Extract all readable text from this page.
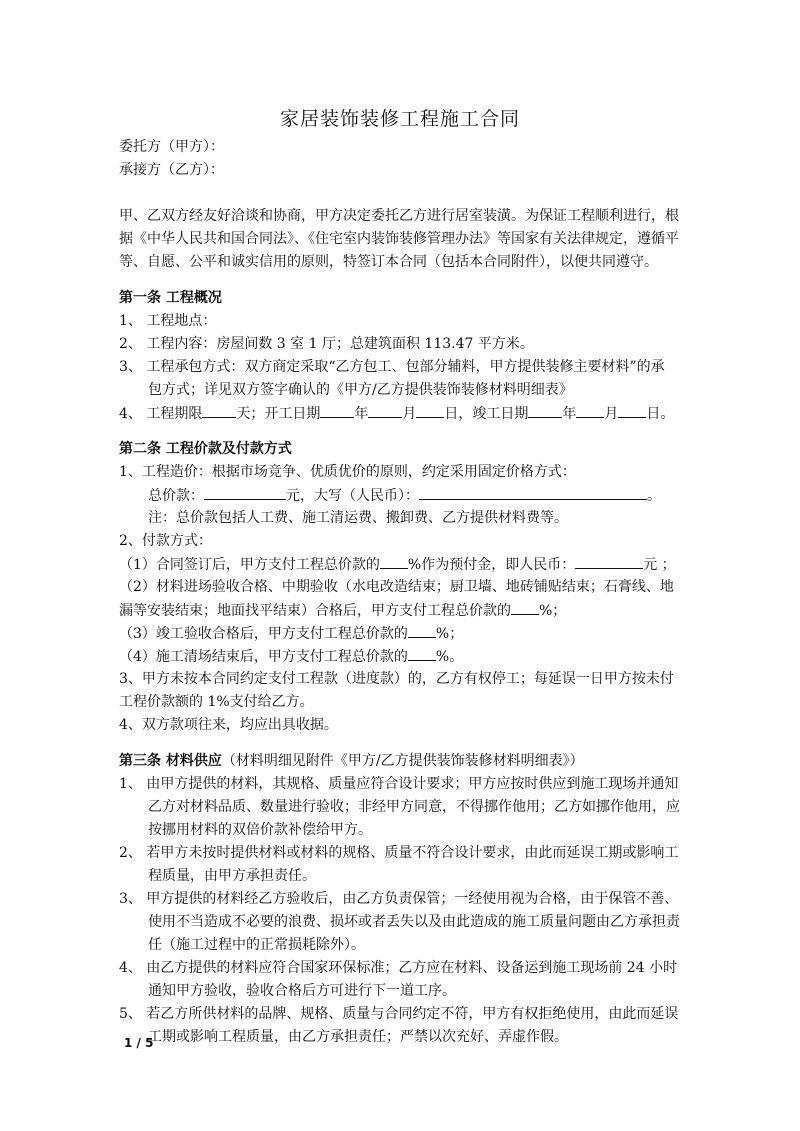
家居装饰装修工程施工合同
委托方（甲方）：
承接方（乙方）：
甲、乙双方经友好洽谈和协商，甲方决定委托乙方进行居室装潢。为保证工程顺利进行，根
据《中华人民共和国合同法》、《住宅室内装饰装修管理办法》等国家有关法律规定，遵循平
等、自愿、公平和诚实信用的原则，特签订本合同（包括本合同附件），以便共同遵守。
第一条 工程概况
1、 工程地点：
2、 工程内容：房屋间数 3 室 1 厅；总建筑面积 113.47 平方米。
3、 工程承包方式：双方商定采取“乙方包工、包部分辅料，甲方提供装修主要材料”的承
包方式；详见双方签字确认的《甲方/乙方提供装饰装修材料明细表》
4、 工程期限 天；开工日期 年 月 日，竣工日期 年 月 日。
第二条 工程价款及付款方式
1、工程造价：根据市场竞争、优质优价的原则，约定采用固定价格方式：
总价款：	元，大写（人民币）：	。
注：总价款包括人工费、施工清运费、搬卸费、乙方提供材料费等。
2、付款方式：
（1）合同签订后，甲方支付工程总价款的 %作为预付金，即人民币：	元 ；
（2）材料进场验收合格、中期验收（水电改造结束；厨卫墙、地砖铺贴结束；石膏线、地
漏等安装结束；地面找平结束）合格后，甲方支付工程总价款的 %；
（3）竣工验收合格后，甲方支付工程总价款的 %；
（4）施工清场结束后，甲方支付工程总价款的 %。
3、甲方未按本合同约定支付工程款（进度款）的，乙方有权停工；每延误一日甲方按未付
工程价款额的 1%支付给乙方。
4、双方款项往来，均应出具收据。
第三条 材料供应（材料明细见附件《甲方/乙方提供装饰装修材料明细表》）
1、 由甲方提供的材料，其规格、质量应符合设计要求；甲方应按时供应到施工现场并通知
乙方对材料品质、数量进行验收；非经甲方同意，不得挪作他用；乙方如挪作他用，应
按挪用材料的双倍价款补偿给甲方。
2、 若甲方未按时提供材料或材料的规格、质量不符合设计要求，由此而延误工期或影响工
程质量，由甲方承担责任。
3、 甲方提供的材料经乙方验收后，由乙方负责保管；一经使用视为合格，由于保管不善、
使用不当造成不必要的浪费、损坏或者丢失以及由此造成的施工质量问题由乙方承担责
任（施工过程中的正常损耗除外）。
4、 由乙方提供的材料应符合国家环保标准；乙方应在材料、设备运到施工现场前 24 小时
通知甲方验收，验收合格后方可进行下一道工序。
5、 若乙方所供材料的品牌、规格、质量与合同约定不符，甲方有权拒绝使用，由此而延误
工期或影响工程质量，由乙方承担责任；严禁以次充好、弄虚作假。
1 / 5
